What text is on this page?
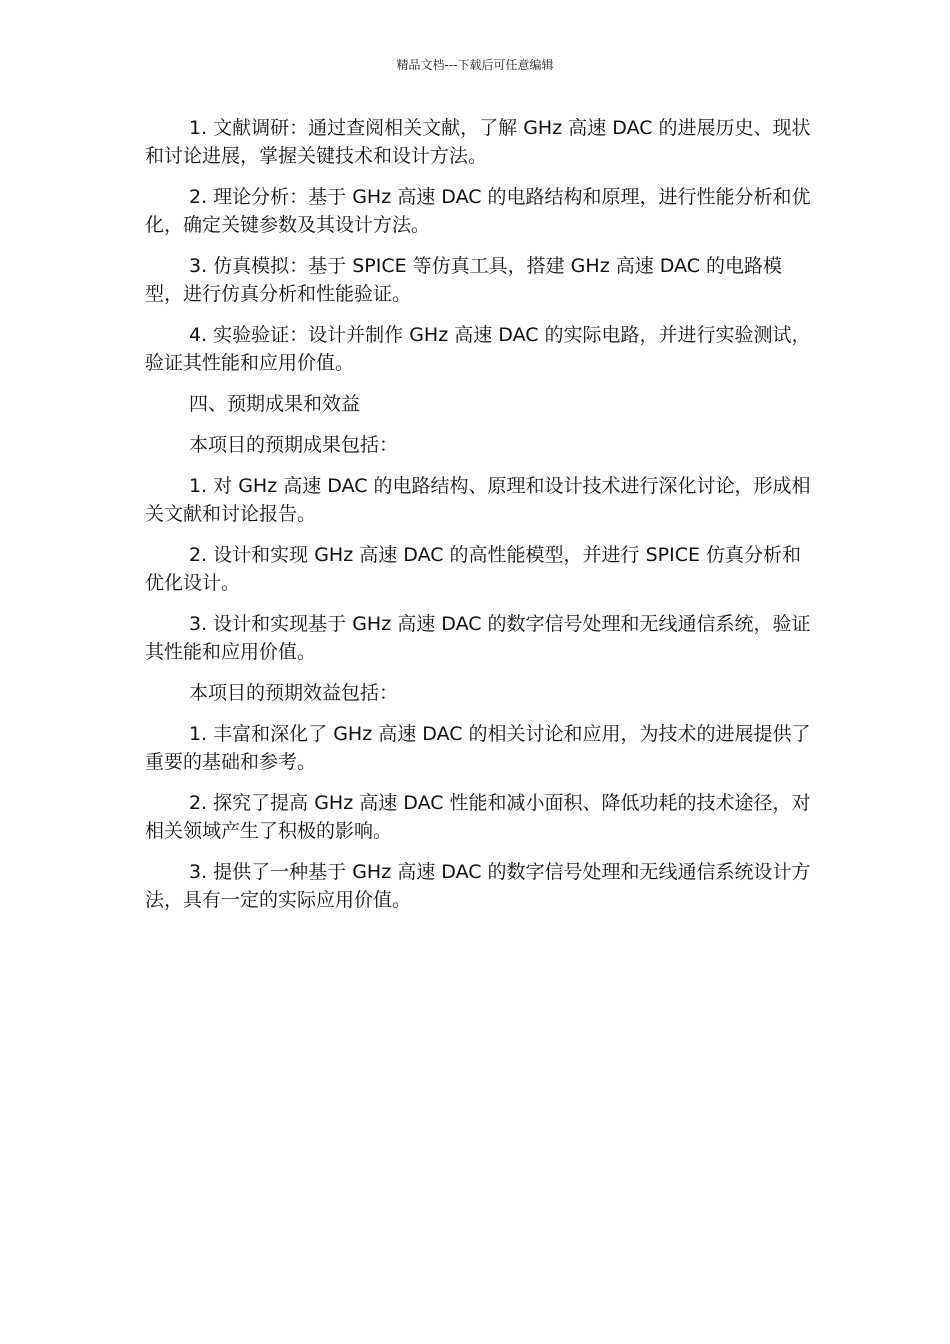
精品文档---下载后可任意编辑

1. 文献调研：通过查阅相关文献，了解 GHz 高速 DAC 的进展历史、现状和讨论进展，掌握关键技术和设计方法。

2. 理论分析：基于 GHz 高速 DAC 的电路结构和原理，进行性能分析和优化，确定关键参数及其设计方法。

3. 仿真模拟：基于 SPICE 等仿真工具，搭建 GHz 高速 DAC 的电路模型，进行仿真分析和性能验证。

4. 实验验证：设计并制作 GHz 高速 DAC 的实际电路，并进行实验测试，验证其性能和应用价值。

四、预期成果和效益

本项目的预期成果包括：

1. 对 GHz 高速 DAC 的电路结构、原理和设计技术进行深化讨论，形成相关文献和讨论报告。

2. 设计和实现 GHz 高速 DAC 的高性能模型，并进行 SPICE 仿真分析和优化设计。

3. 设计和实现基于 GHz 高速 DAC 的数字信号处理和无线通信系统，验证其性能和应用价值。

本项目的预期效益包括：

1. 丰富和深化了 GHz 高速 DAC 的相关讨论和应用，为技术的进展提供了重要的基础和参考。

2. 探究了提高 GHz 高速 DAC 性能和减小面积、降低功耗的技术途径，对相关领域产生了积极的影响。

3. 提供了一种基于 GHz 高速 DAC 的数字信号处理和无线通信系统设计方法，具有一定的实际应用价值。
